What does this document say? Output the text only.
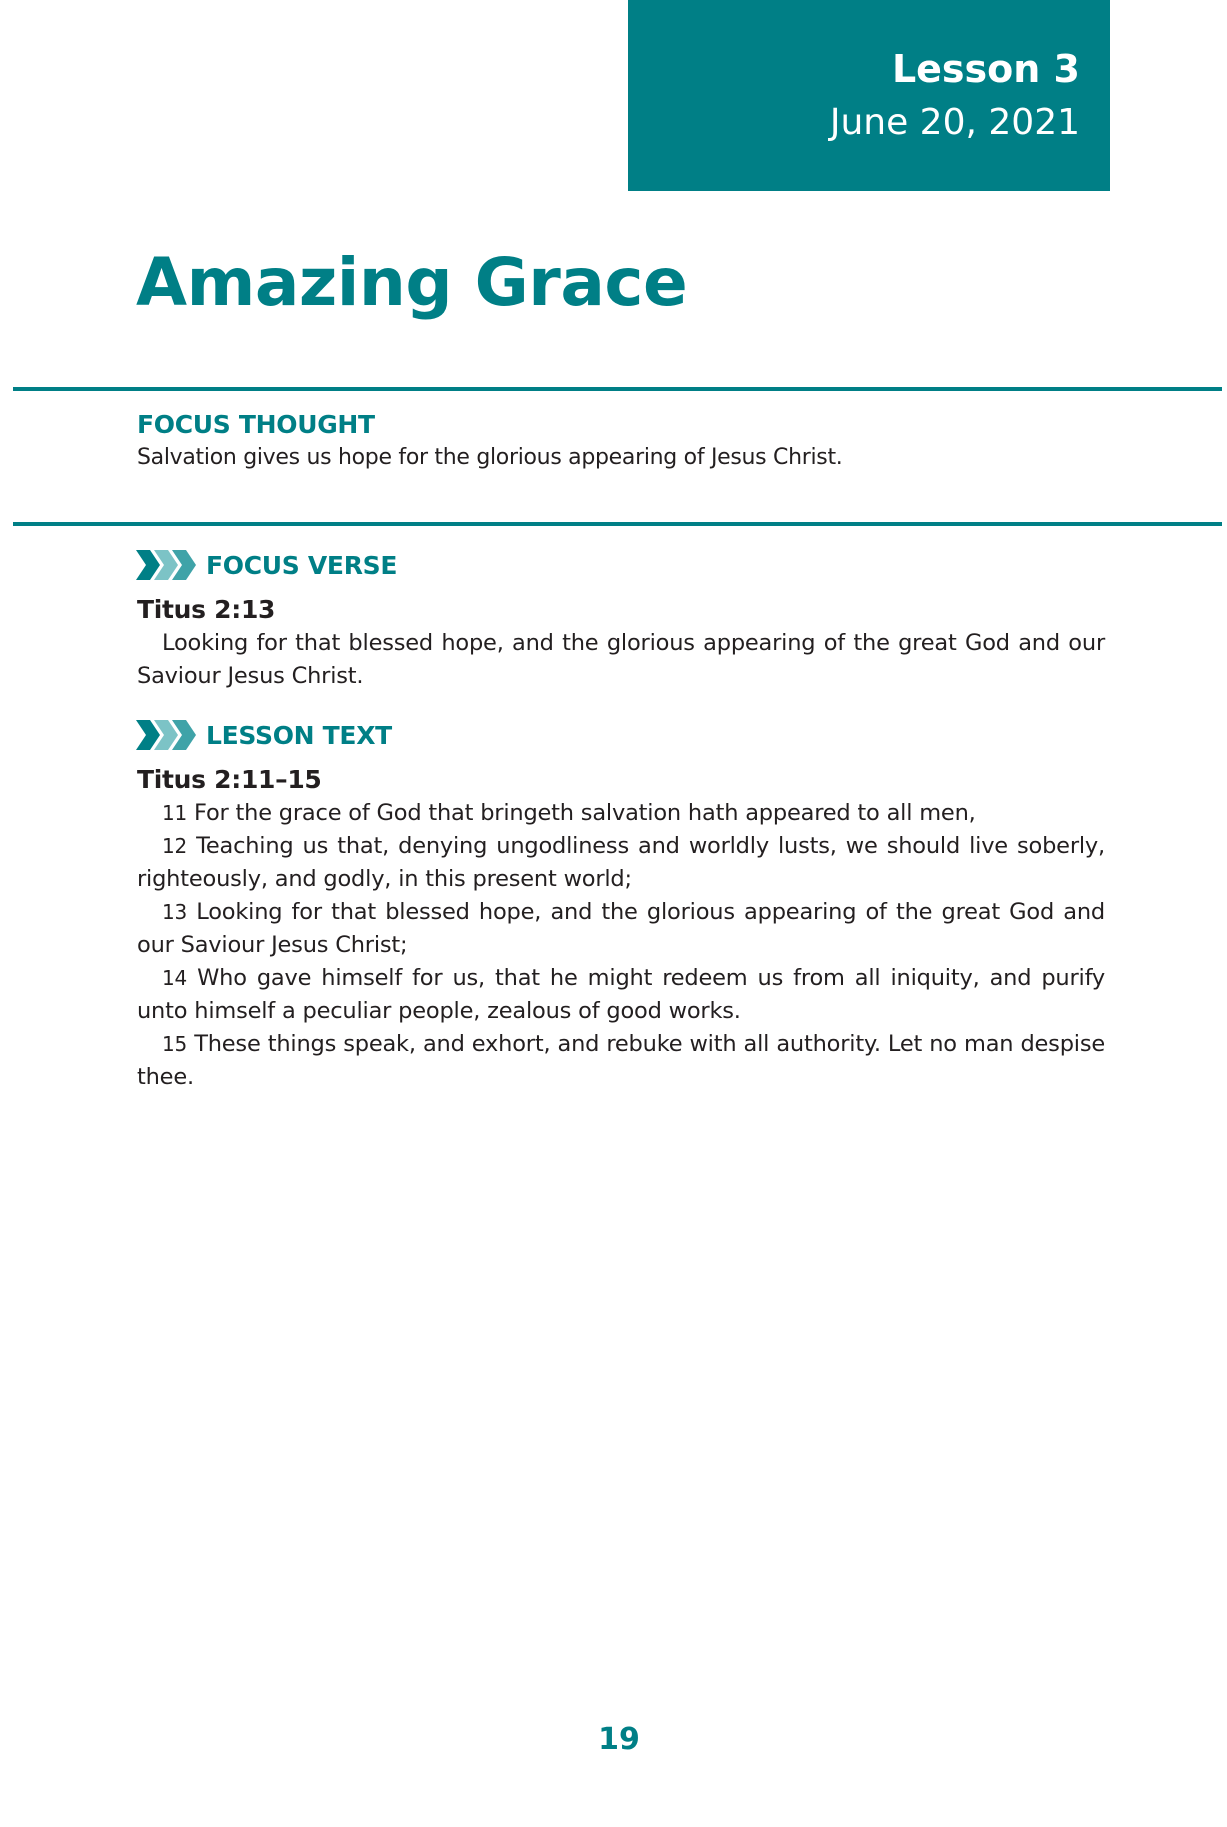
Lesson 3
June 20, 2021
Amazing Grace
FOCUS THOUGHT
Salvation gives us hope for the glorious appearing of Jesus Christ.
FOCUS VERSE
Titus 2:13

Looking for that blessed hope, and the glorious appearing of the great God and our Saviour Jesus Christ.

LESSON TEXT
Titus 2:11–15

11 For the grace of God that bringeth salvation hath appeared to all men,

12 Teaching us that, denying ungodliness and worldly lusts, we should live soberly, righteously, and godly, in this present world;

13 Looking for that blessed hope, and the glorious appearing of the great God and our Saviour Jesus Christ;

14 Who gave himself for us, that he might redeem us from all iniquity, and purify unto himself a peculiar people, zealous of good works.

15 These things speak, and exhort, and rebuke with all authority. Let no man despise thee.

19
